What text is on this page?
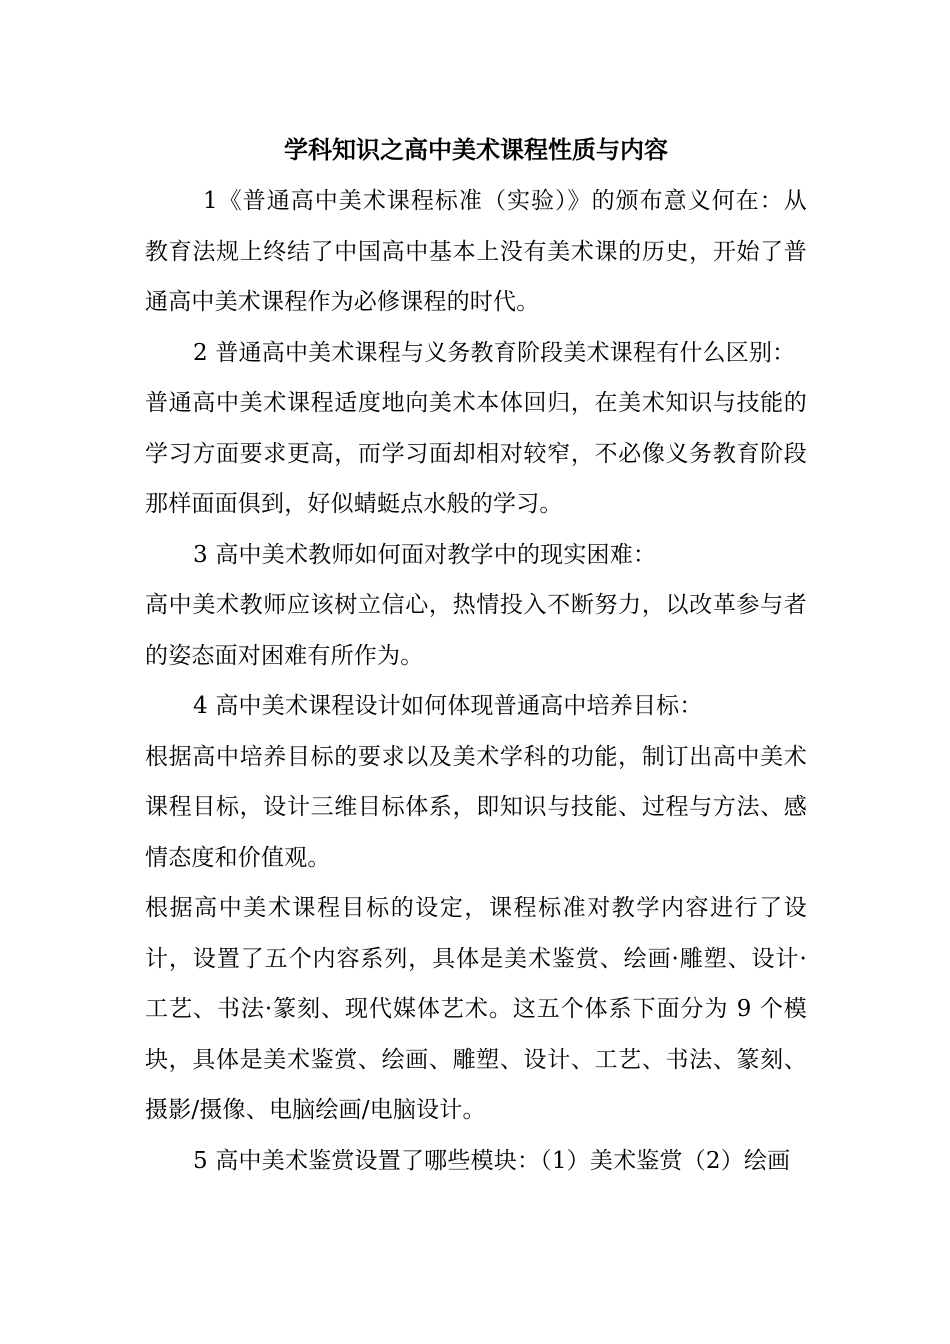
学科知识之高中美术课程性质与内容

1《普通高中美术课程标准（实验）》的颁布意义何在：从教育法规上终结了中国高中基本上没有美术课的历史，开始了普通高中美术课程作为必修课程的时代。

2 普通高中美术课程与义务教育阶段美术课程有什么区别：

普通高中美术课程适度地向美术本体回归，在美术知识与技能的学习方面要求更高，而学习面却相对较窄，不必像义务教育阶段那样面面俱到，好似蜻蜓点水般的学习。

3 高中美术教师如何面对教学中的现实困难：

高中美术教师应该树立信心，热情投入不断努力，以改革参与者的姿态面对困难有所作为。

4 高中美术课程设计如何体现普通高中培养目标：

根据高中培养目标的要求以及美术学科的功能，制订出高中美术课程目标，设计三维目标体系，即知识与技能、过程与方法、感情态度和价值观。

根据高中美术课程目标的设定，课程标准对教学内容进行了设计，设置了五个内容系列，具体是美术鉴赏、绘画·雕塑、设计·工艺、书法·篆刻、现代媒体艺术。这五个体系下面分为 9 个模块，具体是美术鉴赏、绘画、雕塑、设计、工艺、书法、篆刻、摄影/摄像、电脑绘画/电脑设计。

5 高中美术鉴赏设置了哪些模块：（1）美术鉴赏（2）绘画
